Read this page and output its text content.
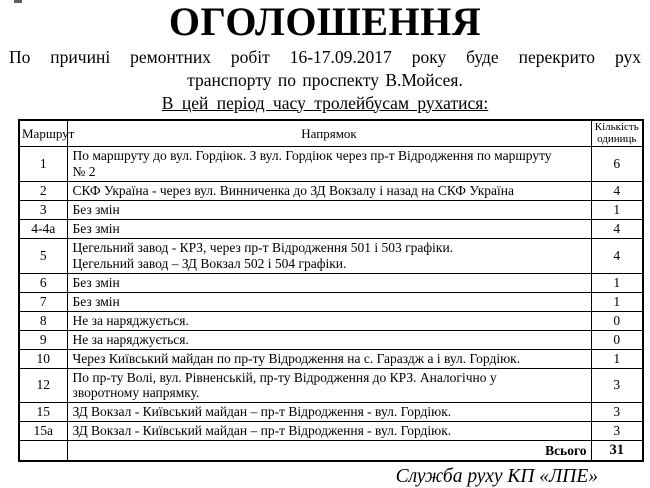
ОГОЛОШЕННЯ

По причині ремонтних робіт 16-17.09.2017 року буде перекрито рух

транспорту по проспекту В.Мойсея.

В цей період часу тролейбусам рухатися:

Маршрут	Напрямок	Кількість одиниць
1	По маршруту до вул. Гордіюк. З вул. Гордіюк через пр-т Відродження по маршруту
№ 2	6
2	СКФ Україна - через вул. Винниченка до ЗД Вокзалу і назад на СКФ Україна	4
3	Без змін	1
4-4а	Без змін	4
5	Цегельний завод - КРЗ, через пр-т Відродження 501 і 503 графіки.
Цегельний завод – ЗД Вокзал 502 і 504 графіки.	4
6	Без змін	1
7	Без змін	1
8	Не за наряджується.	0
9	Не за наряджується.	0
10	Через Київський майдан по пр-ту Відродження на с. Гараздж а і вул. Гордіюк.	1
12	По пр-ту Волі, вул. Рівненській, пр-ту Відродження до КРЗ. Аналогічно у
зворотному напрямку.	3
15	ЗД Вокзал - Київський майдан – пр-т Відродження - вул. Гордіюк.	3
15а	ЗД Вокзал - Київський майдан – пр-т Відродження - вул. Гордіюк.	3
	Всього	31

Служба руху КП «ЛПЕ»
